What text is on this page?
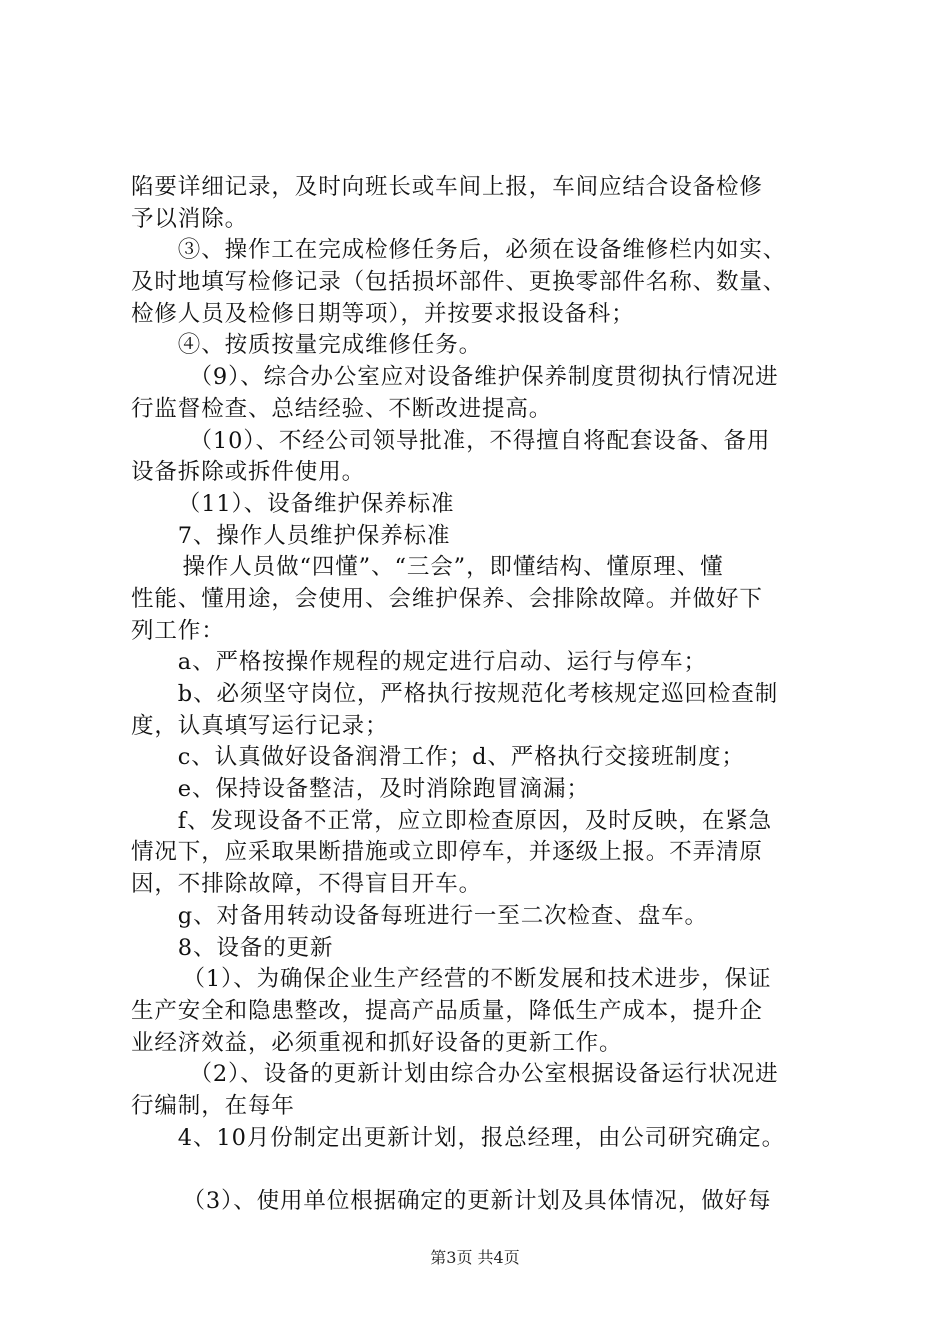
陷要详细记录，及时向班长或车间上报，车间应结合设备检修
予以消除。
③、操作工在完成检修任务后，必须在设备维修栏内如实、
及时地填写检修记录（包括损坏部件、更换零部件名称、数量、
检修人员及检修日期等项），并按要求报设备科；
④、按质按量完成维修任务。
（9）、综合办公室应对设备维护保养制度贯彻执行情况进
行监督检查、总结经验、不断改进提高。
（10）、不经公司领导批准，不得擅自将配套设备、备用
设备拆除或拆件使用。
（11）、设备维护保养标准
7、操作人员维护保养标准
操作人员做“四懂”、“三会”，即懂结构、懂原理、懂
性能、懂用途，会使用、会维护保养、会排除故障。并做好下
列工作：
a、严格按操作规程的规定进行启动、运行与停车；
b、必须坚守岗位，严格执行按规范化考核规定巡回检查制
度，认真填写运行记录；
c、认真做好设备润滑工作；d、严格执行交接班制度；
e、保持设备整洁，及时消除跑冒滴漏；
f、发现设备不正常，应立即检查原因，及时反映，在紧急
情况下，应采取果断措施或立即停车，并逐级上报。不弄清原
因，不排除故障，不得盲目开车。
g、对备用转动设备每班进行一至二次检查、盘车。
8、设备的更新
（1）、为确保企业生产经营的不断发展和技术进步，保证
生产安全和隐患整改，提高产品质量，降低生产成本，提升企
业经济效益，必须重视和抓好设备的更新工作。
（2）、设备的更新计划由综合办公室根据设备运行状况进
行编制，在每年
4、10月份制定出更新计划，报总经理，由公司研究确定。
（3）、使用单位根据确定的更新计划及具体情况，做好每
第3页 共4页
